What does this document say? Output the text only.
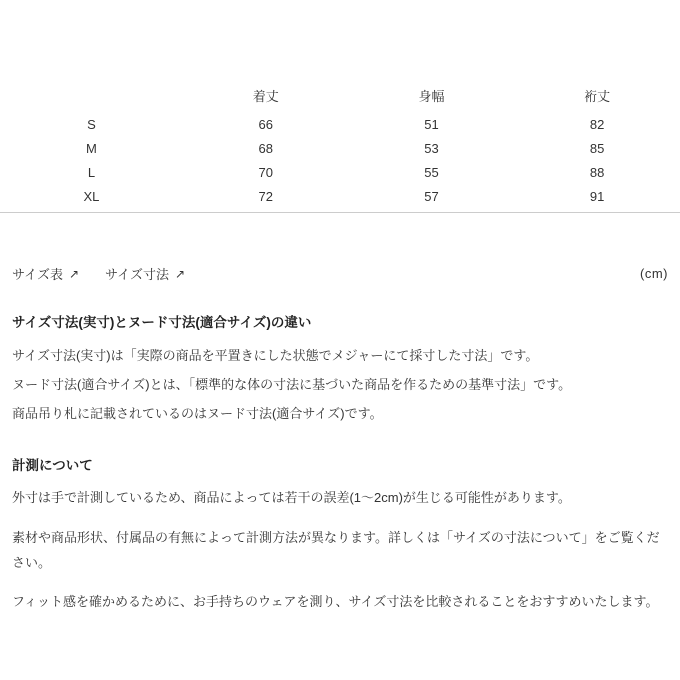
	着丈	身幅	裄丈
S	66	51	82
M	68	53	85
L	70	55	88
XL	72	57	91
サイズ表 ↗ サイズ寸法 ↗	(cm)
サイズ寸法(実寸)とヌード寸法(適合サイズ)の違い

サイズ寸法(実寸)は「実際の商品を平置きにした状態でメジャーにて採寸した寸法」です。

ヌード寸法(適合サイズ)とは、「標準的な体の寸法に基づいた商品を作るための基準寸法」です。

商品吊り札に記載されているのはヌード寸法(適合サイズ)です。

計測について

外寸は手で計測しているため、商品によっては若干の誤差(1〜2cm)が生じる可能性があります。

素材や商品形状、付属品の有無によって計測方法が異なります。詳しくは「サイズの寸法について」をご覧ください。

フィット感を確かめるために、お手持ちのウェアを測り、サイズ寸法を比較されることをおすすめいたします。
